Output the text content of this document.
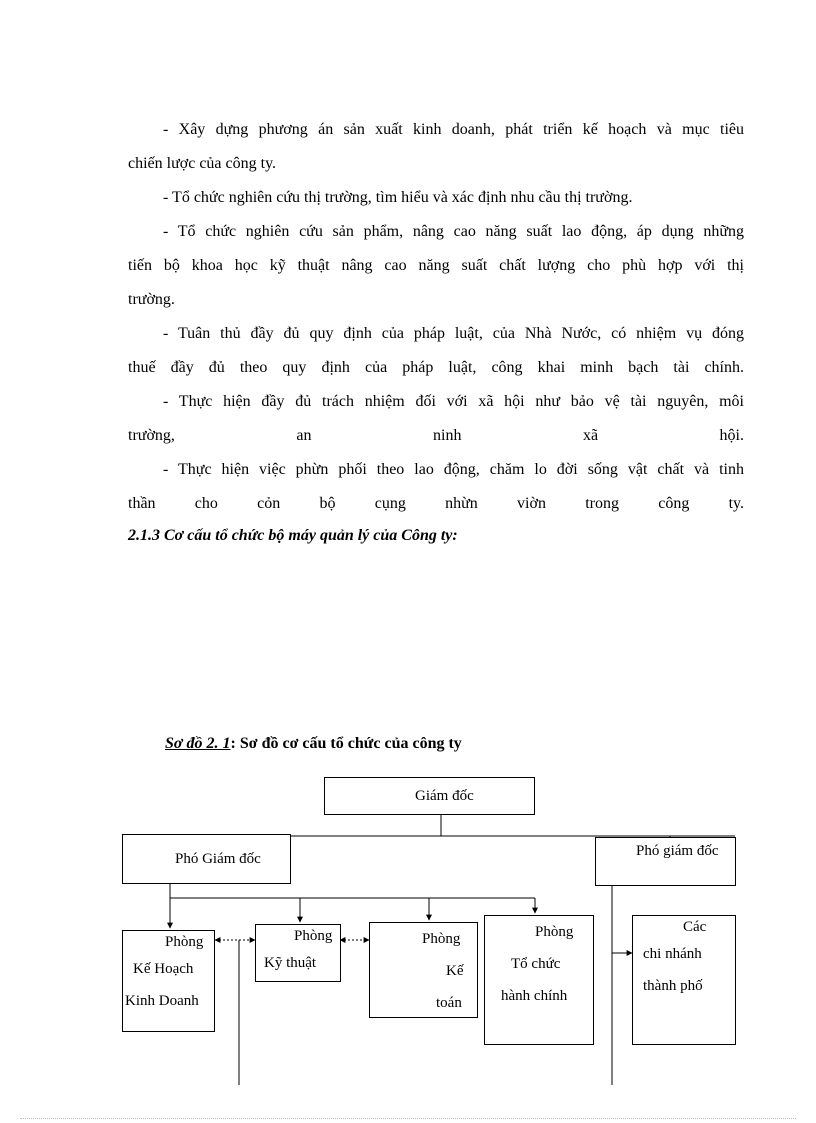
- Xây dựng phương án sản xuất kinh doanh, phát triển kế hoạch và mục tiêu
chiến lược của công ty.

- Tổ chức nghiên cứu thị trường, tìm hiểu và xác định nhu cầu thị trường.

- Tổ chức nghiên cứu sản phẩm, nâng cao năng suất lao động, áp dụng những
tiến bộ khoa học kỹ thuật nâng cao năng suất chất lượng cho phù hợp với thị
trường.

- Tuân thủ đầy đủ quy định của pháp luật, của Nhà Nước, có nhiệm vụ đóng
thuế đầy đủ theo quy định của pháp luật, công khai minh bạch tài chính.

- Thực hiện đầy đủ trách nhiệm đối với xã hội như bảo vệ tài nguyên, môi
trường, an ninh xã hội.

- Thực hiện việc phừn phối theo lao động, chăm lo đời sống vật chất và tinh
thần cho cỏn bộ cụng nhừn viờn trong công ty.

2.1.3 Cơ cấu tổ chức bộ máy quản lý của Công ty:

Sơ đồ 2. 1: Sơ đồ cơ cấu tổ chức của công ty

Giám đốc
Phó Giám đốc	Phó giám đốc
Phòng
Kế Hoạch
Kinh Doanh
Phòng
Kỹ thuật
Phòng
Kế
toán
Phòng
Tổ chức
hành chính
Các
chi nhánh
thành phố
